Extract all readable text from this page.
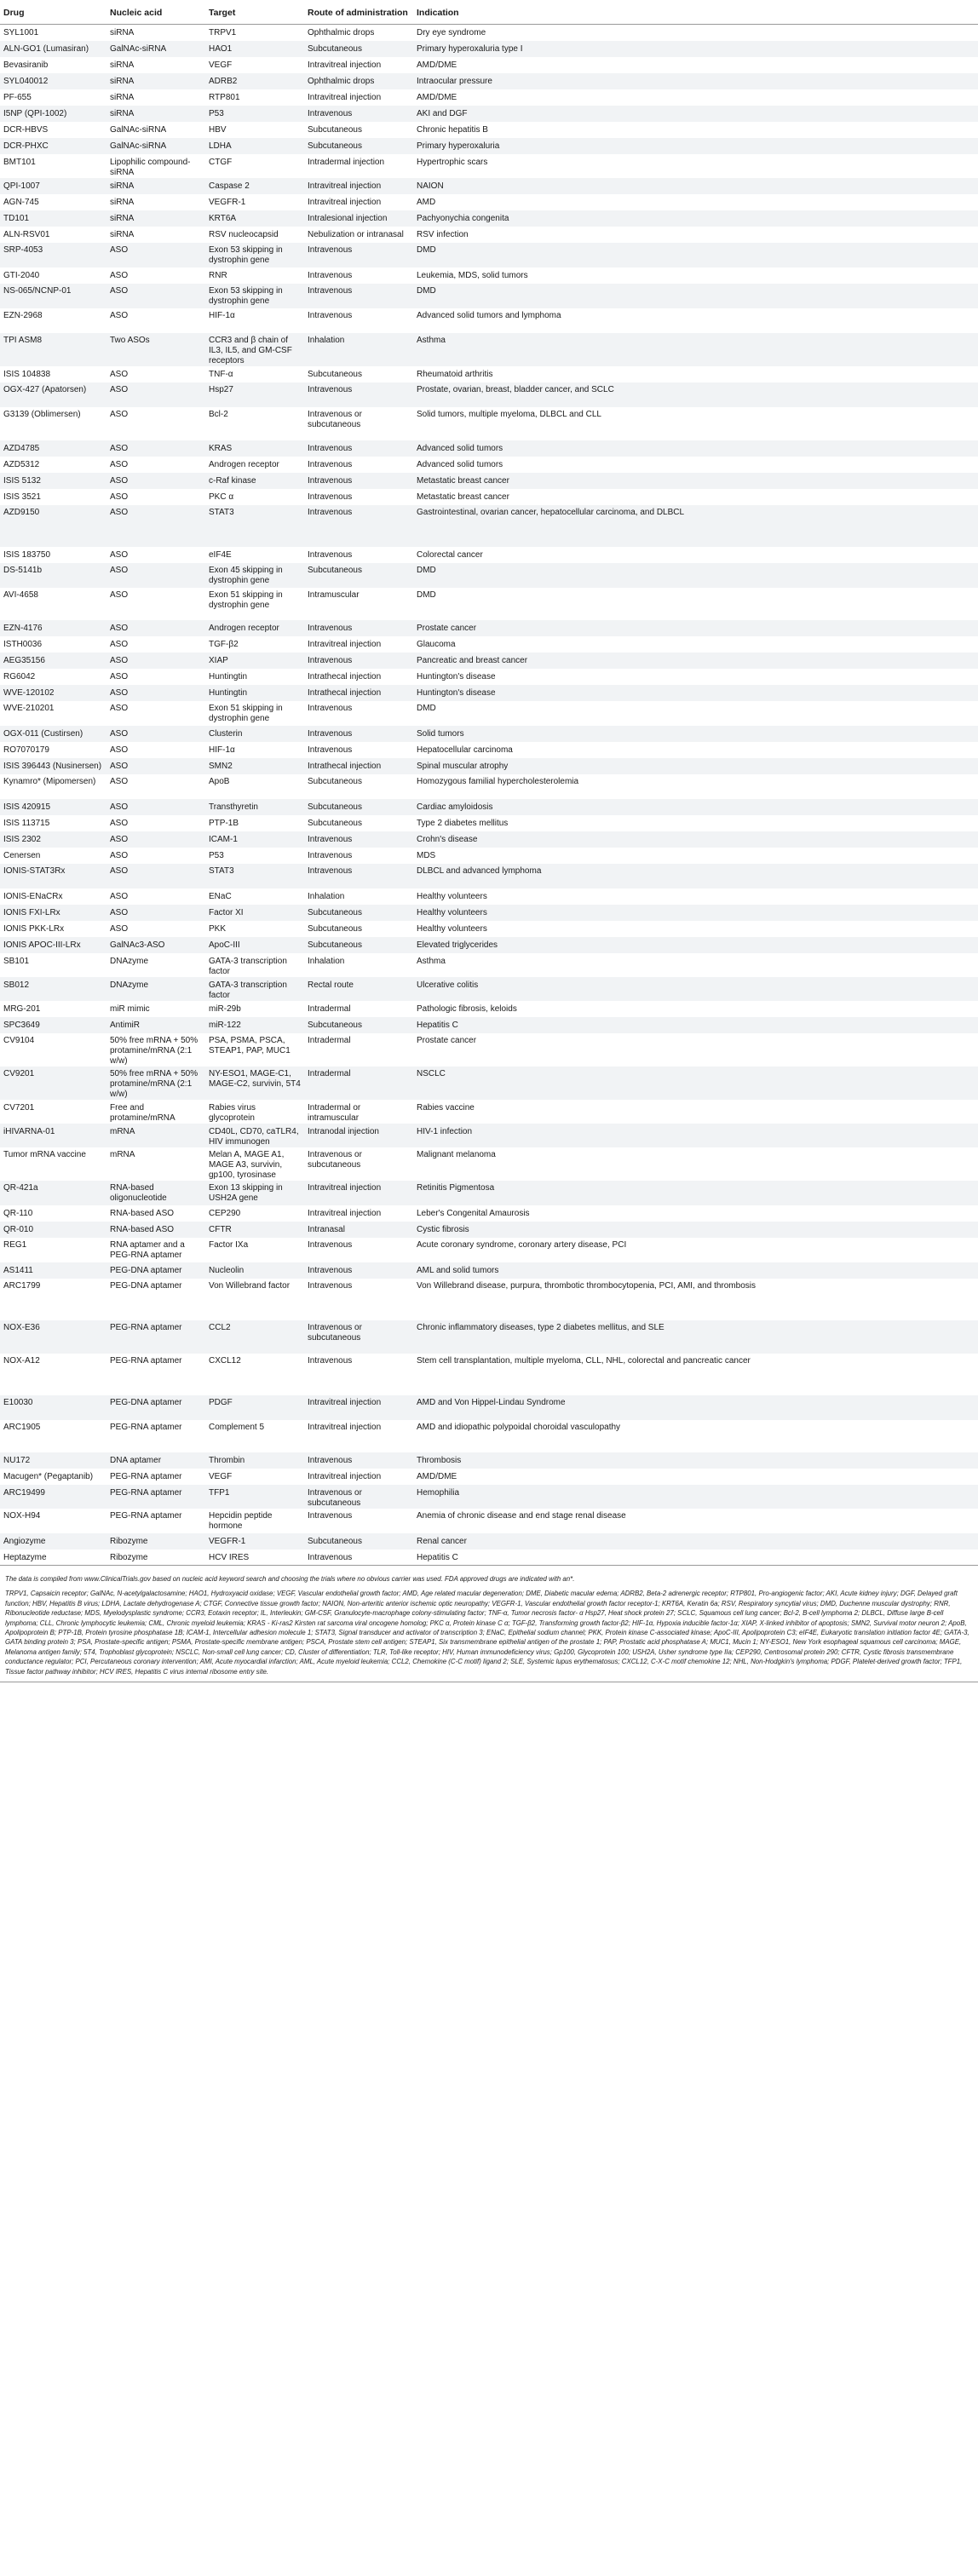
Drug	Nucleic acid	Target	Route of administration	Indication
SYL1001	siRNA	TRPV1	Ophthalmic drops	Dry eye syndrome
ALN-GO1 (Lumasiran)	GalNAc-siRNA	HAO1	Subcutaneous	Primary hyperoxaluria type I
Bevasiranib	siRNA	VEGF	Intravitreal injection	AMD/DME
SYL040012	siRNA	ADRB2	Ophthalmic drops	Intraocular pressure
PF-655	siRNA	RTP801	Intravitreal injection	AMD/DME
I5NP (QPI-1002)	siRNA	P53	Intravenous	AKI and DGF
DCR-HBVS	GalNAc-siRNA	HBV	Subcutaneous	Chronic hepatitis B
DCR-PHXC	GalNAc-siRNA	LDHA	Subcutaneous	Primary hyperoxaluria
BMT101	Lipophilic compound-siRNA	CTGF	Intradermal injection	Hypertrophic scars
QPI-1007	siRNA	Caspase 2	Intravitreal injection	NAION
AGN-745	siRNA	VEGFR-1	Intravitreal injection	AMD
TD101	siRNA	KRT6A	Intralesional injection	Pachyonychia congenita
ALN-RSV01	siRNA	RSV nucleocapsid	Nebulization or intranasal	RSV infection
SRP-4053	ASO	Exon 53 skipping in dystrophin gene	Intravenous	DMD
GTI-2040	ASO	RNR	Intravenous	Leukemia, MDS, solid tumors
NS-065/NCNP-01	ASO	Exon 53 skipping in dystrophin gene	Intravenous	DMD
EZN-2968	ASO	HIF-1α	Intravenous	Advanced solid tumors and lymphoma
TPI ASM8	Two ASOs	CCR3 and β chain of IL3, IL5, and GM-CSF receptors	Inhalation	Asthma
ISIS 104838	ASO	TNF-α	Subcutaneous	Rheumatoid arthritis
OGX-427 (Apatorsen)	ASO	Hsp27	Intravenous	Prostate, ovarian, breast, bladder cancer, and SCLC
G3139 (Oblimersen)	ASO	Bcl-2	Intravenous or subcutaneous	Solid tumors, multiple myeloma, DLBCL and CLL
AZD4785	ASO	KRAS	Intravenous	Advanced solid tumors
AZD5312	ASO	Androgen receptor	Intravenous	Advanced solid tumors
ISIS 5132	ASO	c-Raf kinase	Intravenous	Metastatic breast cancer
ISIS 3521	ASO	PKC α	Intravenous	Metastatic breast cancer
AZD9150	ASO	STAT3	Intravenous	Gastrointestinal, ovarian cancer, hepatocellular carcinoma, and DLBCL
ISIS 183750	ASO	eIF4E	Intravenous	Colorectal cancer
DS-5141b	ASO	Exon 45 skipping in dystrophin gene	Subcutaneous	DMD
AVI-4658	ASO	Exon 51 skipping in dystrophin gene	Intramuscular	DMD
EZN-4176	ASO	Androgen receptor	Intravenous	Prostate cancer
ISTH0036	ASO	TGF-β2	Intravitreal injection	Glaucoma
AEG35156	ASO	XIAP	Intravenous	Pancreatic and breast cancer
RG6042	ASO	Huntingtin	Intrathecal injection	Huntington's disease
WVE-120102	ASO	Huntingtin	Intrathecal injection	Huntington's disease
WVE-210201	ASO	Exon 51 skipping in dystrophin gene	Intravenous	DMD
OGX-011 (Custirsen)	ASO	Clusterin	Intravenous	Solid tumors
RO7070179	ASO	HIF-1α	Intravenous	Hepatocellular carcinoma
ISIS 396443 (Nusinersen)	ASO	SMN2	Intrathecal injection	Spinal muscular atrophy
Kynamro* (Mipomersen)	ASO	ApoB	Subcutaneous	Homozygous familial hypercholesterolemia
ISIS 420915	ASO	Transthyretin	Subcutaneous	Cardiac amyloidosis
ISIS 113715	ASO	PTP-1B	Subcutaneous	Type 2 diabetes mellitus
ISIS 2302	ASO	ICAM-1	Intravenous	Crohn's disease
Cenersen	ASO	P53	Intravenous	MDS
IONIS-STAT3Rx	ASO	STAT3	Intravenous	DLBCL and advanced lymphoma
IONIS-ENaCRx	ASO	ENaC	Inhalation	Healthy volunteers
IONIS FXI-LRx	ASO	Factor XI	Subcutaneous	Healthy volunteers
IONIS PKK-LRx	ASO	PKK	Subcutaneous	Healthy volunteers
IONIS APOC-III-LRx	GalNAc3-ASO	ApoC-III	Subcutaneous	Elevated triglycerides
SB101	DNAzyme	GATA-3 transcription factor	Inhalation	Asthma
SB012	DNAzyme	GATA-3 transcription factor	Rectal route	Ulcerative colitis
MRG-201	miR mimic	miR-29b	Intradermal	Pathologic fibrosis, keloids
SPC3649	AntimiR	miR-122	Subcutaneous	Hepatitis C
CV9104	50% free mRNA + 50% protamine/mRNA (2:1 w/w)	PSA, PSMA, PSCA, STEAP1, PAP, MUC1	Intradermal	Prostate cancer
CV9201	50% free mRNA + 50% protamine/mRNA (2:1 w/w)	NY-ESO1, MAGE-C1, MAGE-C2, survivin, 5T4	Intradermal	NSCLC
CV7201	Free and protamine/mRNA	Rabies virus glycoprotein	Intradermal or intramuscular	Rabies vaccine
iHIVARNA-01	mRNA	CD40L, CD70, caTLR4, HIV immunogen	Intranodal injection	HIV-1 infection
Tumor mRNA vaccine	mRNA	Melan A, MAGE A1, MAGE A3, survivin, gp100, tyrosinase	Intravenous or subcutaneous	Malignant melanoma
QR-421a	RNA-based oligonucleotide	Exon 13 skipping in USH2A gene	Intravitreal injection	Retinitis Pigmentosa
QR-110	RNA-based ASO	CEP290	Intravitreal injection	Leber's Congenital Amaurosis
QR-010	RNA-based ASO	CFTR	Intranasal	Cystic fibrosis
REG1	RNA aptamer and a PEG-RNA aptamer	Factor IXa	Intravenous	Acute coronary syndrome, coronary artery disease, PCI
AS1411	PEG-DNA aptamer	Nucleolin	Intravenous	AML and solid tumors
ARC1799	PEG-DNA aptamer	Von Willebrand factor	Intravenous	Von Willebrand disease, purpura, thrombotic thrombocytopenia, PCI, AMI, and thrombosis
NOX-E36	PEG-RNA aptamer	CCL2	Intravenous or subcutaneous	Chronic inflammatory diseases, type 2 diabetes mellitus, and SLE
NOX-A12	PEG-RNA aptamer	CXCL12	Intravenous	Stem cell transplantation, multiple myeloma, CLL, NHL, colorectal and pancreatic cancer
E10030	PEG-DNA aptamer	PDGF	Intravitreal injection	AMD and Von Hippel-Lindau Syndrome
ARC1905	PEG-RNA aptamer	Complement 5	Intravitreal injection	AMD and idiopathic polypoidal choroidal vasculopathy
NU172	DNA aptamer	Thrombin	Intravenous	Thrombosis
Macugen* (Pegaptanib)	PEG-RNA aptamer	VEGF	Intravitreal injection	AMD/DME
ARC19499	PEG-RNA aptamer	TFP1	Intravenous or subcutaneous	Hemophilia
NOX-H94	PEG-RNA aptamer	Hepcidin peptide hormone	Intravenous	Anemia of chronic disease and end stage renal disease
Angiozyme	Ribozyme	VEGFR-1	Subcutaneous	Renal cancer
Heptazyme	Ribozyme	HCV IRES	Intravenous	Hepatitis C

The data is compiled from www.ClinicalTrials.gov based on nucleic acid keyword search and choosing the trials where no obvious carrier was used. FDA approved drugs are indicated with an*.

TRPV1, Capsaicin receptor; GalNAc, N-acetylgalactosamine; HAO1, Hydroxyacid oxidase; VEGF, Vascular endothelial growth factor; AMD, Age related macular degeneration; DME, Diabetic macular edema; ADRB2, Beta-2 adrenergic receptor; RTP801, Pro-angiogenic factor; AKI, Acute kidney injury; DGF, Delayed graft function; HBV, Hepatitis B virus; LDHA, Lactate dehydrogenase A; CTGF, Connective tissue growth factor; NAION, Non-arteritic anterior ischemic optic neuropathy; VEGFR-1, Vascular endothelial growth factor receptor-1; KRT6A, Keratin 6a; RSV, Respiratory syncytial virus; DMD, Duchenne muscular dystrophy; RNR, Ribonucleotide reductase; MDS, Myelodysplastic syndrome; CCR3, Eotaxin receptor; IL, Interleukin; GM-CSF, Granulocyte-macrophage colony-stimulating factor; TNF-α, Tumor necrosis factor- α Hsp27, Heat shock protein 27; SCLC, Squamous cell lung cancer; Bcl-2, B-cell lymphoma 2; DLBCL, Diffuse large B-cell lymphoma; CLL, Chronic lymphocytic leukemia; CML, Chronic myeloid leukemia; KRAS - Ki-ras2 Kirsten rat sarcoma viral oncogene homolog; PKC α, Protein kinase C α; TGF-β2, Transforming growth factor-β2; HIF-1α, Hypoxia inducible factor-1α; XIAP, X-linked inhibitor of apoptosis; SMN2, Survival motor neuron 2; ApoB, Apolipoprotein B; PTP-1B, Protein tyrosine phosphatase 1B; ICAM-1, Intercellular adhesion molecule 1; STAT3, Signal transducer and activator of transcription 3; ENaC, Epithelial sodium channel; PKK, Protein kinase C-associated kinase; ApoC-III, Apolipoprotein C3; eIF4E, Eukaryotic translation initiation factor 4E; GATA-3, GATA binding protein 3; PSA, Prostate-specific antigen; PSMA, Prostate-specific membrane antigen; PSCA, Prostate stem cell antigen; STEAP1, Six transmembrane epithelial antigen of the prostate 1; PAP, Prostatic acid phosphatase A; MUC1, Mucin 1; NY-ESO1, New York esophageal squamous cell carcinoma; MAGE, Melanoma antigen family; 5T4, Trophoblast glycoprotein; NSCLC, Non-small cell lung cancer; CD, Cluster of differentiation; TLR, Toll-like receptor; HIV, Human immunodeficiency virus; Gp100, Glycoprotein 100; USH2A, Usher syndrome type IIa; CEP290, Centrosomal protein 290; CFTR, Cystic fibrosis transmembrane conductance regulator; PCI, Percutaneous coronary intervention; AMI, Acute myocardial infarction; AML, Acute myeloid leukemia; CCL2, Chemokine (C-C motif) ligand 2; SLE, Systemic lupus erythematosus; CXCL12, C-X-C motif chemokine 12; NHL, Non-Hodgkin's lymphoma; PDGF, Platelet-derived growth factor; TFP1, Tissue factor pathway inhibitor; HCV IRES, Hepatitis C virus internal ribosome entry site.
